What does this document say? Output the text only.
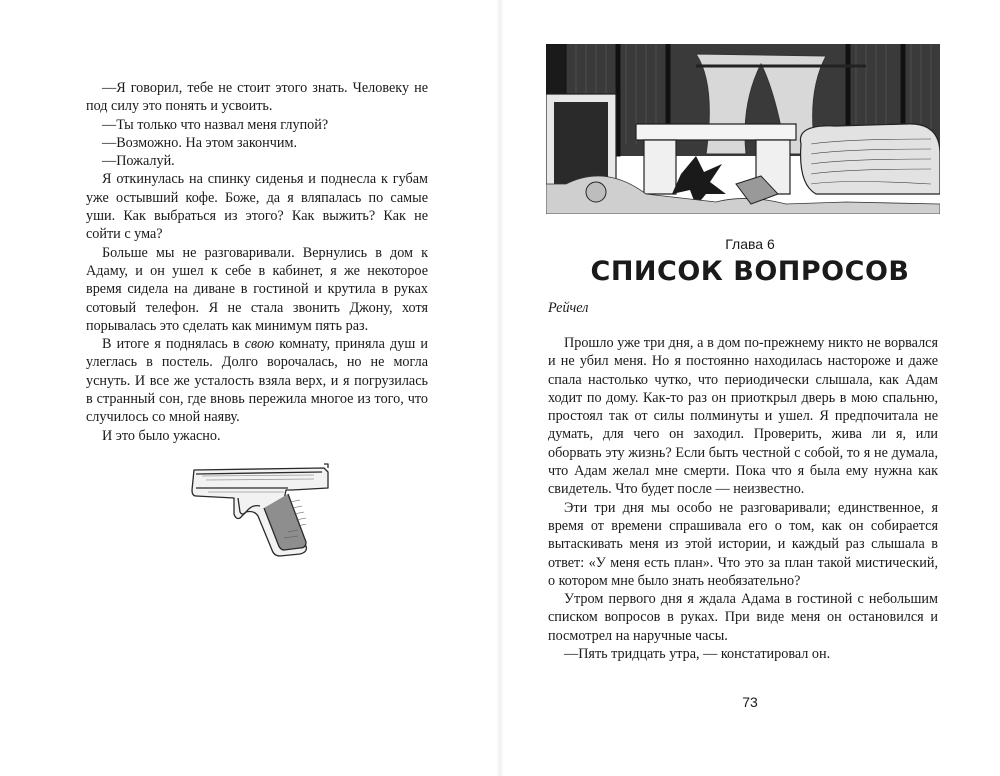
—Я говорил, тебе не стоит этого знать. Человеку не под силу это понять и усвоить.

—Ты только что назвал меня глупой?

—Возможно. На этом закончим.

—Пожалуй.

Я откинулась на спинку сиденья и поднесла к губам уже остывший кофе. Боже, да я вляпалась по самые уши. Как выбраться из этого? Как выжить? Как не сойти с ума?

Больше мы не разговаривали. Вернулись в дом к Адаму, и он ушел к себе в кабинет, я же некоторое время сидела на диване в гостиной и крутила в руках сотовый телефон. Я не стала звонить Джону, хотя порывалась это сделать как минимум пять раз.

В итоге я поднялась в свою комнату, приняла душ и улеглась в постель. Долго ворочалась, но не могла уснуть. И все же усталость взяла верх, и я погрузилась в странный сон, где вновь пережила многое из того, что случилось со мной наяву.

И это было ужасно.

Глава 6
СПИСОК ВОПРОСОВ
Рейчел

Прошло уже три дня, а в дом по-прежнему никто не ворвался и не убил меня. Но я постоянно находилась настороже и даже спала настолько чутко, что периодически слышала, как Адам ходит по дому. Как-то раз он приоткрыл дверь в мою спальню, простоял так от силы полминуты и ушел. Я предпочитала не думать, для чего он заходил. Проверить, жива ли я, или оборвать эту жизнь? Если быть честной с собой, то я не думала, что Адам желал мне смерти. Пока что я была ему нужна как свидетель. Что будет после — неизвестно.

Эти три дня мы особо не разговаривали; единственное, я время от времени спрашивала его о том, как он собирается вытаскивать меня из этой истории, и каждый раз слышала в ответ: «У меня есть план». Что это за план такой мистический, о котором мне было знать необязательно?

Утром первого дня я ждала Адама в гостиной с небольшим списком вопросов в руках. При виде меня он остановился и посмотрел на наручные часы.

—Пять тридцать утра, — констатировал он.

73
